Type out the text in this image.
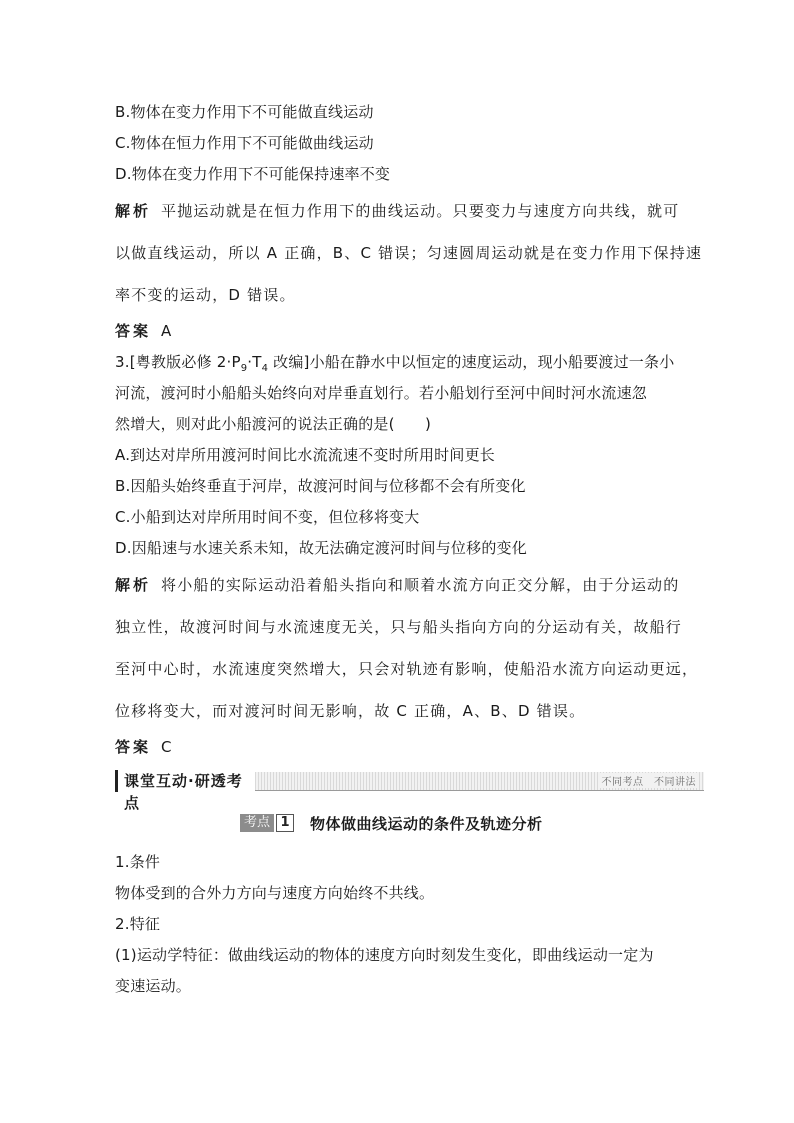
B.物体在变力作用下不可能做直线运动
C.物体在恒力作用下不可能做曲线运动
D.物体在变力作用下不可能保持速率不变
解析 平抛运动就是在恒力作用下的曲线运动。只要变力与速度方向共线，就可
以做直线运动，所以 A 正确，B、C 错误；匀速圆周运动就是在变力作用下保持速
率不变的运动，D 错误。
答案 A
3.[粤教版必修 $2\cdot P_9\cdot T_4$ 改编]小船在静水中以恒定的速度运动，现小船要渡过一条小
河流，渡河时小船船头始终向对岸垂直划行。若小船划行至河中间时河水流速忽
然增大，则对此小船渡河的说法正确的是(　　)
A.到达对岸所用渡河时间比水流流速不变时所用时间更长
B.因船头始终垂直于河岸，故渡河时间与位移都不会有所变化
C.小船到达对岸所用时间不变，但位移将变大
D.因船速与水速关系未知，故无法确定渡河时间与位移的变化
解析 将小船的实际运动沿着船头指向和顺着水流方向正交分解，由于分运动的
独立性，故渡河时间与水流速度无关，只与船头指向方向的分运动有关，故船行
至河中心时，水流速度突然增大，只会对轨迹有影响，使船沿水流方向运动更远，
位移将变大，而对渡河时间无影响，故 C 正确，A、B、D 错误。
答案 C
课堂互动·研透考点
不同考点　不同讲法
考点 1 物体做曲线运动的条件及轨迹分析
1.条件
物体受到的合外力方向与速度方向始终不共线。
2.特征
(1)运动学特征：做曲线运动的物体的速度方向时刻发生变化，即曲线运动一定为
变速运动。
